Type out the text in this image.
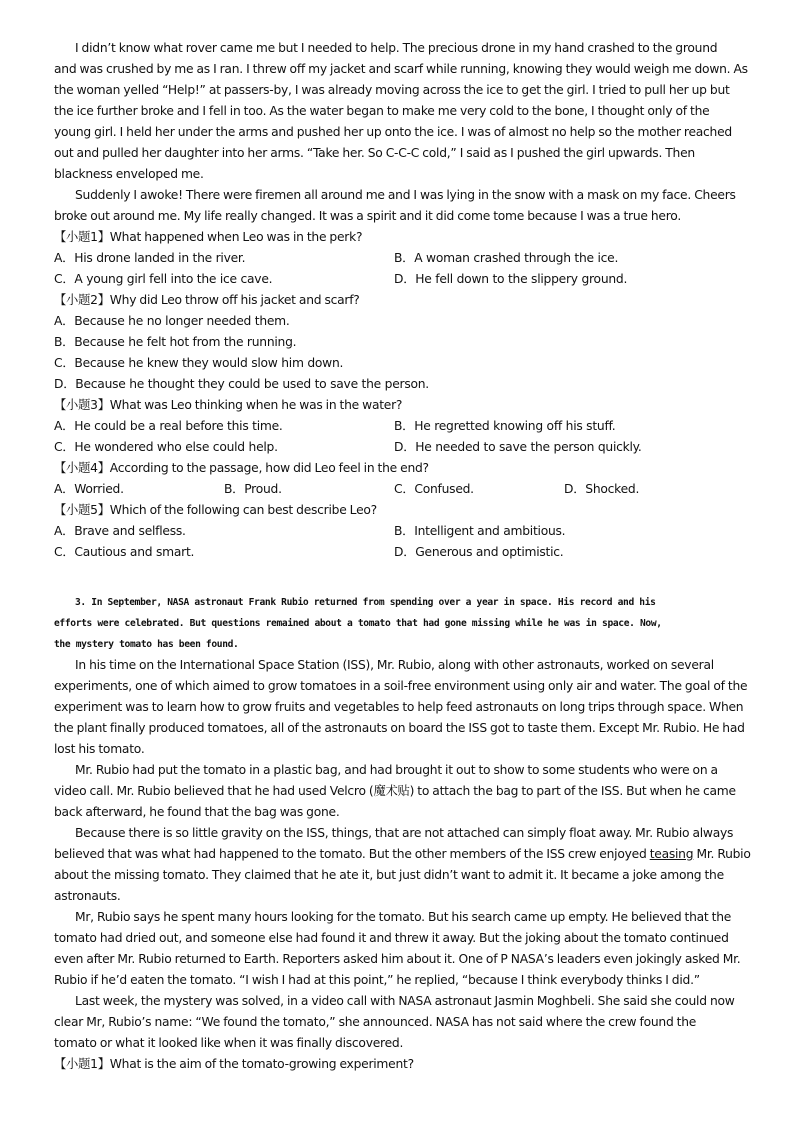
I didn’t know what rover came me but I needed to help. The precious drone in my hand crashed to the ground
and was crushed by me as I ran. I threw off my jacket and scarf while running, knowing they would weigh me down. As
the woman yelled “Help!” at passers-by, I was already moving across the ice to get the girl. I tried to pull her up but
the ice further broke and I fell in too. As the water began to make me very cold to the bone, I thought only of the
young girl. I held her under the arms and pushed her up onto the ice. I was of almost no help so the mother reached
out and pulled her daughter into her arms. “Take her. So C-C-C cold,” I said as I pushed the girl upwards. Then
blackness enveloped me.
Suddenly I awoke! There were firemen all around me and I was lying in the snow with a mask on my face. Cheers
broke out around me. My life really changed. It was a spirit and it did come tome because I was a true hero.
【小题1】What happened when Leo was in the perk?
A．His drone landed in the river.	B．A woman crashed through the ice.
C．A young girl fell into the ice cave.	D．He fell down to the slippery ground.
【小题2】Why did Leo throw off his jacket and scarf?
A．Because he no longer needed them.
B．Because he felt hot from the running.
C．Because he knew they would slow him down.
D．Because he thought they could be used to save the person.
【小题3】What was Leo thinking when he was in the water?
A．He could be a real before this time.	B．He regretted knowing off his stuff.
C．He wondered who else could help.	D．He needed to save the person quickly.
【小题4】According to the passage, how did Leo feel in the end?
A．Worried.	B．Proud.	C．Confused.	D．Shocked.
【小题5】Which of the following can best describe Leo?
A．Brave and selfless.	B．Intelligent and ambitious.
C．Cautious and smart.	D．Generous and optimistic.
3. In September, NASA astronaut Frank Rubio returned from spending over a year in space. His record and his
efforts were celebrated. But questions remained about a tomato that had gone missing while he was in space. Now,
the mystery tomato has been found.
In his time on the International Space Station (ISS), Mr. Rubio, along with other astronauts, worked on several
experiments, one of which aimed to grow tomatoes in a soil-free environment using only air and water. The goal of the
experiment was to learn how to grow fruits and vegetables to help feed astronauts on long trips through space. When
the plant finally produced tomatoes, all of the astronauts on board the ISS got to taste them. Except Mr. Rubio. He had
lost his tomato.
Mr. Rubio had put the tomato in a plastic bag, and had brought it out to show to some students who were on a
video call. Mr. Rubio believed that he had used Velcro (魔术贴) to attach the bag to part of the ISS. But when he came
back afterward, he found that the bag was gone.
Because there is so little gravity on the ISS, things, that are not attached can simply float away. Mr. Rubio always
believed that was what had happened to the tomato. But the other members of the ISS crew enjoyed teasing Mr. Rubio
about the missing tomato. They claimed that he ate it, but just didn’t want to admit it. It became a joke among the
astronauts.
Mr, Rubio says he spent many hours looking for the tomato. But his search came up empty. He believed that the
tomato had dried out, and someone else had found it and threw it away. But the joking about the tomato continued
even after Mr. Rubio returned to Earth. Reporters asked him about it. One of P NASA’s leaders even jokingly asked Mr.
Rubio if he’d eaten the tomato. “I wish I had at this point,” he replied, “because I think everybody thinks I did.”
Last week, the mystery was solved, in a video call with NASA astronaut Jasmin Moghbeli. She said she could now
clear Mr, Rubio’s name: “We found the tomato,” she announced. NASA has not said where the crew found the
tomato or what it looked like when it was finally discovered.
【小题1】What is the aim of the tomato-growing experiment?
